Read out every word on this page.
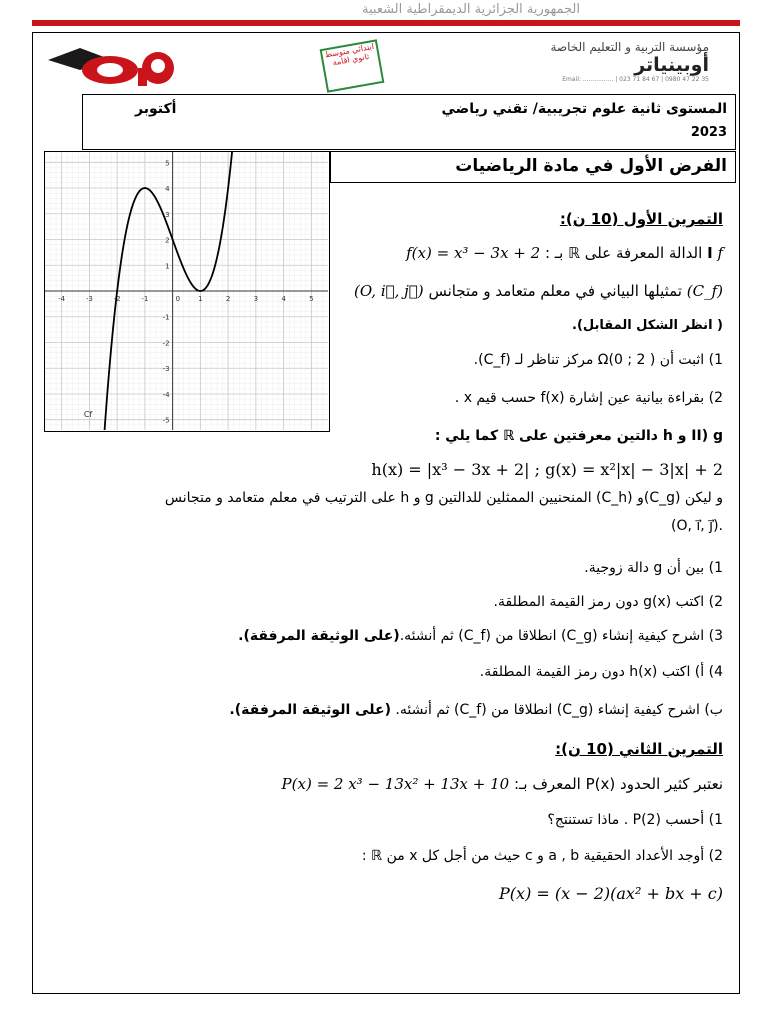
الجمهورية الجزائرية الديمقراطية الشعبية
ابتدائي متوسط ثانوي اقامة
مؤسسة التربية و التعليم الخاصة
أوبينياتر
Email: ................ | 023 71 84 67 | 0980 47 22 35
المستوى ثانية علوم تجريبية/ تقني رياضي
أكتوبر
2023
الفرض الأول في مادة الرياضيات
-4	-3	-2	-1	1	2	3	4	5
5
4
3
2
1
-1
-2
-3
-4
-5
0
Cf
التمرين الأول (10 ن):
I f الدالة المعرفة على ℝ بـ : f(x) = x³ − 3x + 2
(C_f) تمثيلها البياني في معلم متعامد و متجانس (O, i⃗, j⃗)
( انظر الشكل المقابل).
1) اثبت أن ( 2 ; 0)Ω مركز تناظر لـ (C_f).
2) بقراءة بيانية عين إشارة f(x) حسب قيم x .
II) g و h دالتين معرفتين على ℝ كما يلي :
h(x) = |x³ − 3x + 2| ; g(x) = x²|x| − 3|x| + 2
و ليكن (C_g)و (C_h) المنحنيين الممثلين للدالتين g و h على الترتيب في معلم متعامد و متجانس
.(O, i⃗, j⃗)
1) بين أن g دالة زوجية.
2) اكتب g(x) دون رمز القيمة المطلقة.
3) اشرح كيفية إنشاء (C_g) انطلاقا من (C_f) ثم أنشئه.(على الوثيقة المرفقة).
4) أ) اكتب h(x) دون رمز القيمة المطلقة.
ب) اشرح كيفية إنشاء (C_g) انطلاقا من (C_f) ثم أنشئه. (على الوثيقة المرفقة).
التمرين الثاني (10 ن):
نعتبر كثير الحدود P(x) المعرف بـ: P(x) = 2 x³ − 13x² + 13x + 10
1) أحسب P(2) . ماذا تستنتج؟
2) أوجد الأعداد الحقيقية a , b و c حيث من أجل كل x من ℝ :
P(x) = (x − 2)(ax² + bx + c)
